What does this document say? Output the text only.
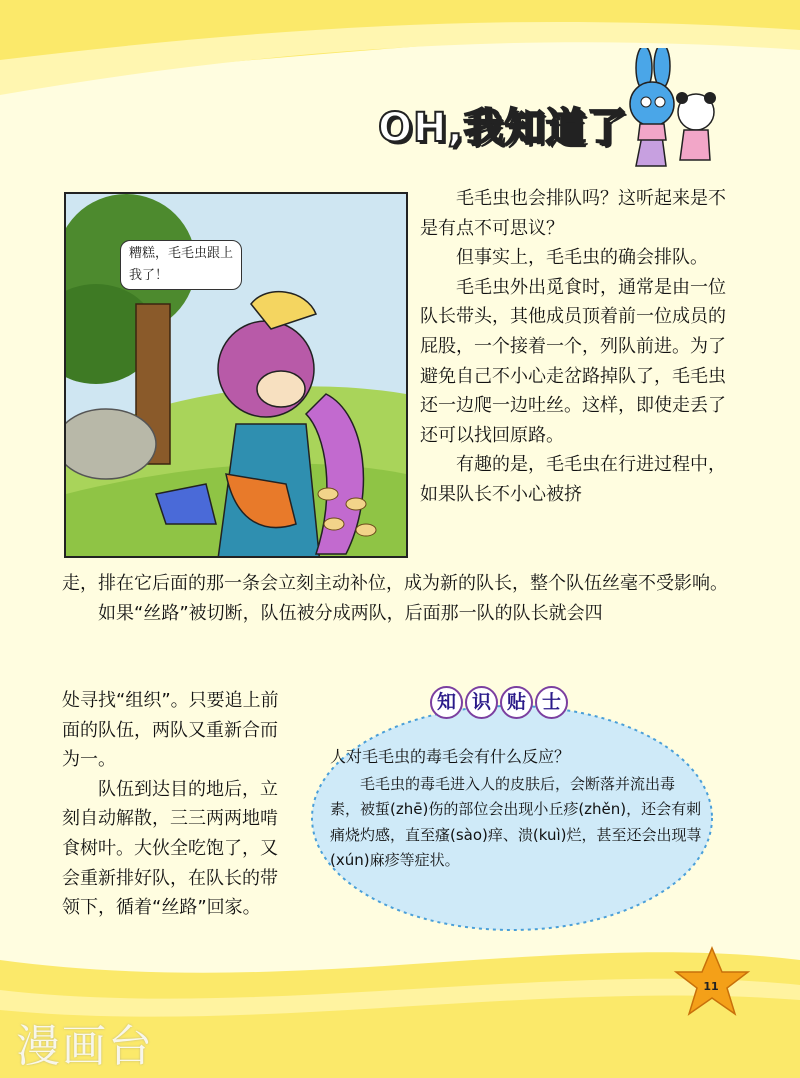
OH,我知道了
糟糕，毛毛虫跟上我了！

毛毛虫也会排队吗？这听起来是不是有点不可思议？

但事实上，毛毛虫的确会排队。

毛毛虫外出觅食时，通常是由一位队长带头，其他成员顶着前一位成员的屁股，一个接着一个，列队前进。为了避免自己不小心走岔路掉队了，毛毛虫还一边爬一边吐丝。这样，即使走丢了还可以找回原路。

有趣的是，毛毛虫在行进过程中，如果队长不小心被挤

走，排在它后面的那一条会立刻主动补位，成为新的队长，整个队伍丝毫不受影响。

如果“丝路”被切断，队伍被分成两队，后面那一队的队长就会四

处寻找“组织”。只要追上前面的队伍，两队又重新合而为一。

队伍到达目的地后，立刻自动解散，三三两两地啃食树叶。大伙全吃饱了，又会重新排好队，在队长的带领下，循着“丝路”回家。

知 识 贴 士

人对毛毛虫的毒毛会有什么反应？

毛毛虫的毒毛进入人的皮肤后，会断落并流出毒素，被蜇(zhē)伤的部位会出现小丘疹(zhěn)，还会有刺痛烧灼感，直至瘙(sào)痒、溃(kuì)烂，甚至还会出现荨(xún)麻疹等症状。

11
漫画台
